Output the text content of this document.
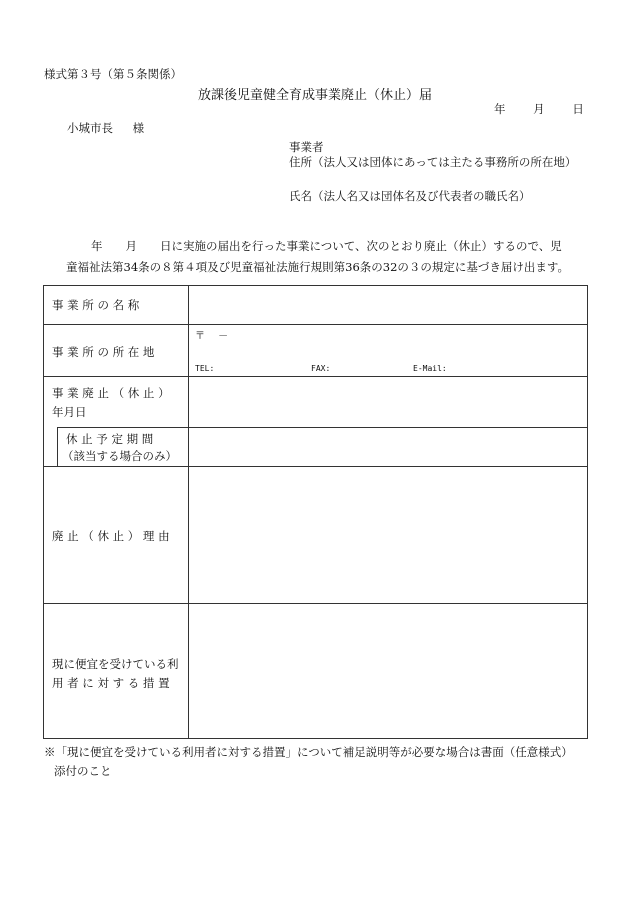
様式第３号（第５条関係）
放課後児童健全育成事業廃止（休止）届
年 月 日
小城市長 様
事業者
住所（法人又は団体にあっては主たる事務所の所在地）
氏名（法人名又は団体名及び代表者の職氏名）
年　　月　　日に実施の届出を行った事業について、次のとおり廃止（休止）するので、児
童福祉法第34条の８第４項及び児童福祉法施行規則第36条の32の３の規定に基づき届け出ます。
事 業 所 の 名 称
事 業 所 の 所 在 地
〒　 －
TEL:	FAX:	E-Mail:
事 業 廃 止 （ 休 止 ）
年月日
休 止 予 定 期 間
（該当する場合のみ）
廃 止 （ 休 止 ） 理 由
現に便宜を受けている利
用 者 に 対 す る 措 置
※「現に便宜を受けている利用者に対する措置」について補足説明等が必要な場合は書面（任意様式）
添付のこと
